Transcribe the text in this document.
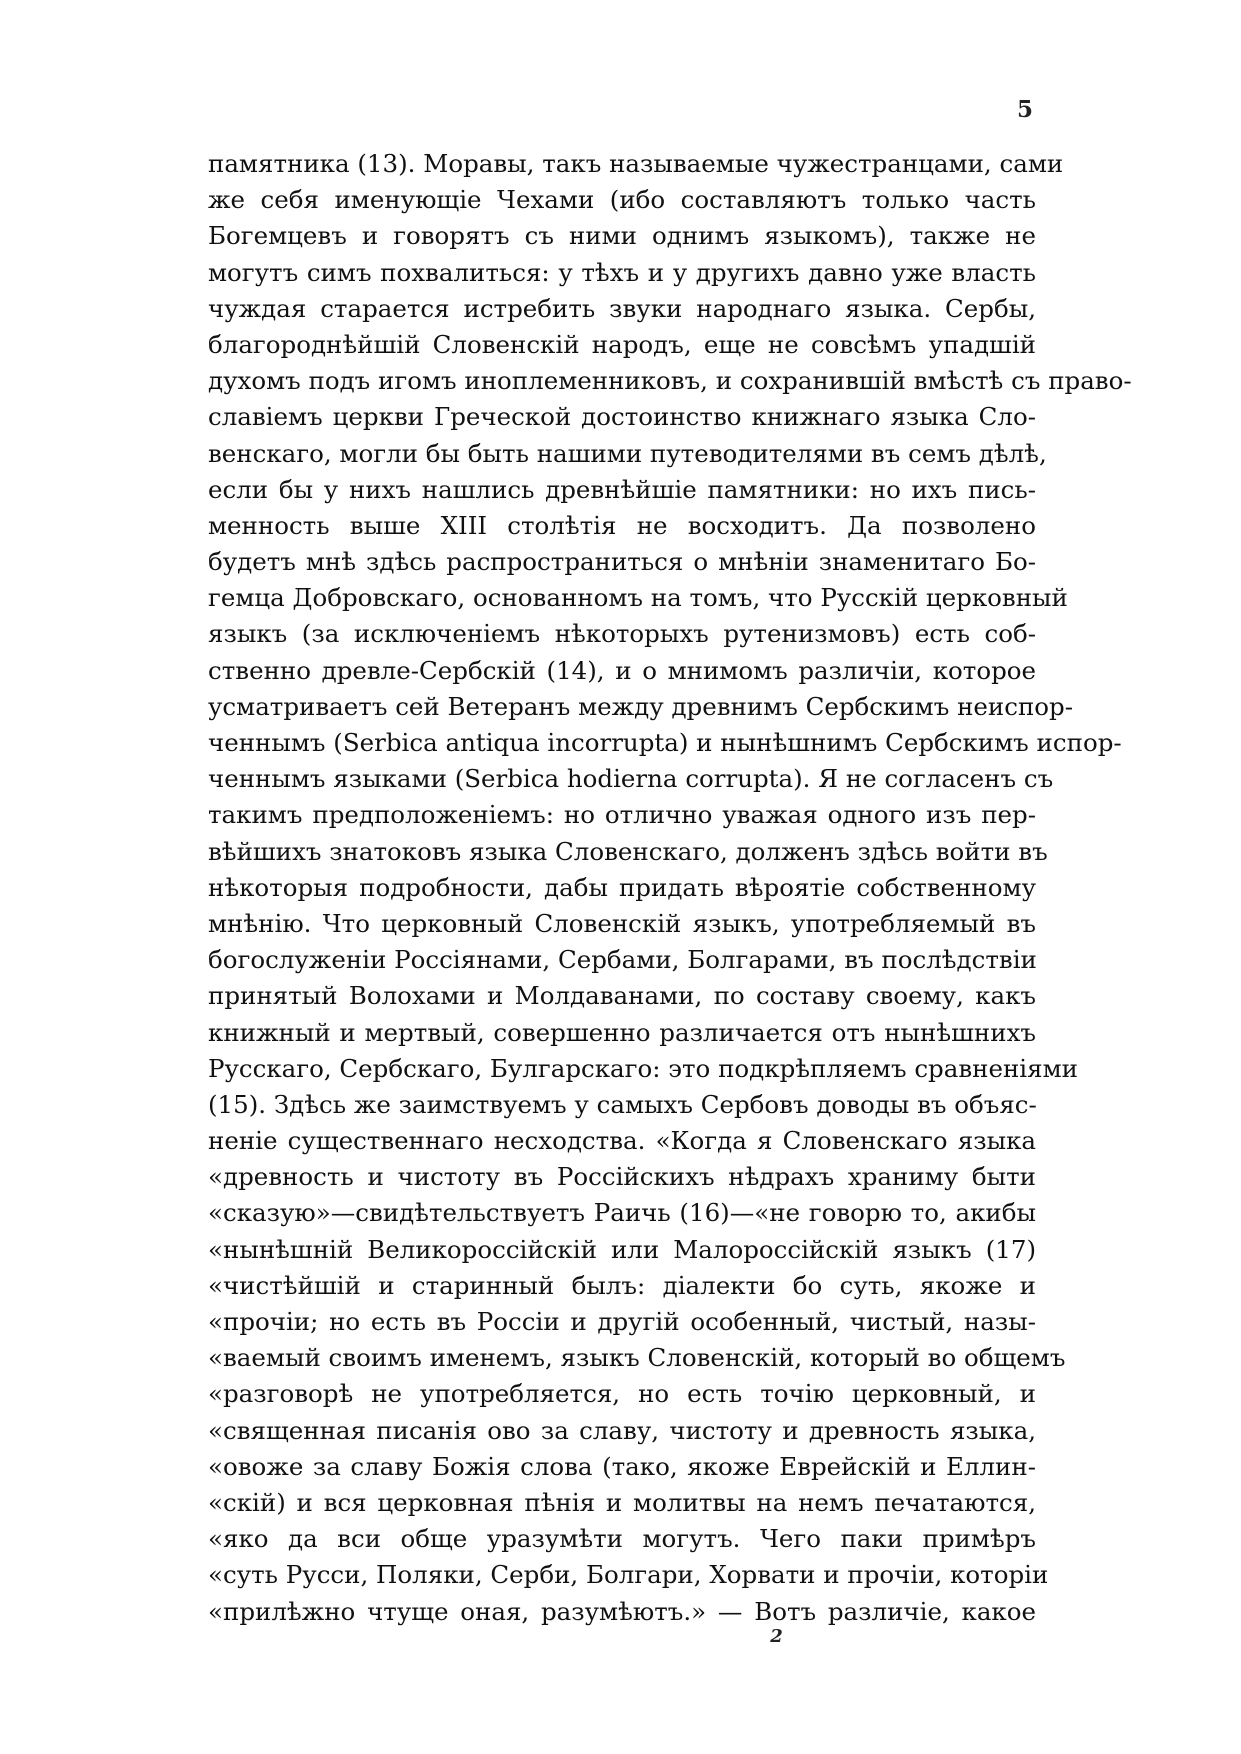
5
памятника (13). Моравы, такъ называемые чужестранцами, сами
же себя именующіе Чехами (ибо составляютъ только часть
Богемцевъ и говорятъ съ ними однимъ языкомъ), также не
могутъ симъ похвалиться: у тѣхъ и у другихъ давно уже власть
чуждая старается истребить звуки народнаго языка. Сербы,
благороднѣйшій Словенскій народъ, еще не совсѣмъ упадшій
духомъ подъ игомъ иноплеменниковъ, и сохранившій вмѣстѣ съ право-
славіемъ церкви Греческой достоинство книжнаго языка Сло-
венскаго, могли бы быть нашими путеводителями въ семъ дѣлѣ,
если бы у нихъ нашлись древнѣйшіе памятники: но ихъ пись-
менность выше XIII столѣтія не восходитъ. Да позволено
будетъ мнѣ здѣсь распространиться о мнѣніи знаменитаго Бо-
гемца Добровскаго, основанномъ на томъ, что Русскій церковный
языкъ (за исключеніемъ нѣкоторыхъ рутенизмовъ) есть соб-
ственно древле-Сербскій (14), и о мнимомъ различіи, которое
усматриваетъ сей Ветеранъ между древнимъ Сербскимъ неиспор-
ченнымъ (Serbica antiqua incorrupta) и нынѣшнимъ Сербскимъ испор-
ченнымъ языками (Serbica hodierna corrupta). Я не согласенъ съ
такимъ предположеніемъ: но отлично уважая одного изъ пер-
вѣйшихъ знатоковъ языка Словенскаго, долженъ здѣсь войти въ
нѣкоторыя подробности, дабы придать вѣроятіе собственному
мнѣнію. Что церковный Словенскій языкъ, употребляемый въ
богослуженіи Россіянами, Сербами, Болгарами, въ послѣдствіи
принятый Волохами и Молдаванами, по составу своему, какъ
книжный и мертвый, совершенно различается отъ нынѣшнихъ
Русскаго, Сербскаго, Булгарскаго: это подкрѣпляемъ сравненіями
(15). Здѣсь же заимствуемъ у самыхъ Сербовъ доводы въ объяс-
неніе существеннаго несходства. «Когда я Словенскаго языка
«древность и чистоту въ Россійскихъ нѣдрахъ храниму быти
«сказую»—свидѣтельствуетъ Раичь (16)—«не говорю то, акибы
«нынѣшній Великороссійскій или Малороссійскій языкъ (17)
«чистѣйшій и старинный былъ: діалекти бо суть, якоже и
«прочіи; но есть въ Россіи и другій особенный, чистый, назы-
«ваемый своимъ именемъ, языкъ Словенскій, который во общемъ
«разговорѣ не употребляется, но есть точію церковный, и
«священная писанія ово за славу, чистоту и древность языка,
«овоже за славу Божія слова (тако, якоже Еврейскій и Еллин-
«скій) и вся церковная пѣнія и молитвы на немъ печатаются,
«яко да вси обще уразумѣти могутъ. Чего паки примѣръ
«суть Русси, Поляки, Серби, Болгари, Хорвати и прочіи, которіи
«прилѣжно чтуще оная, разумѣютъ.» — Вотъ различіе, какое
2
